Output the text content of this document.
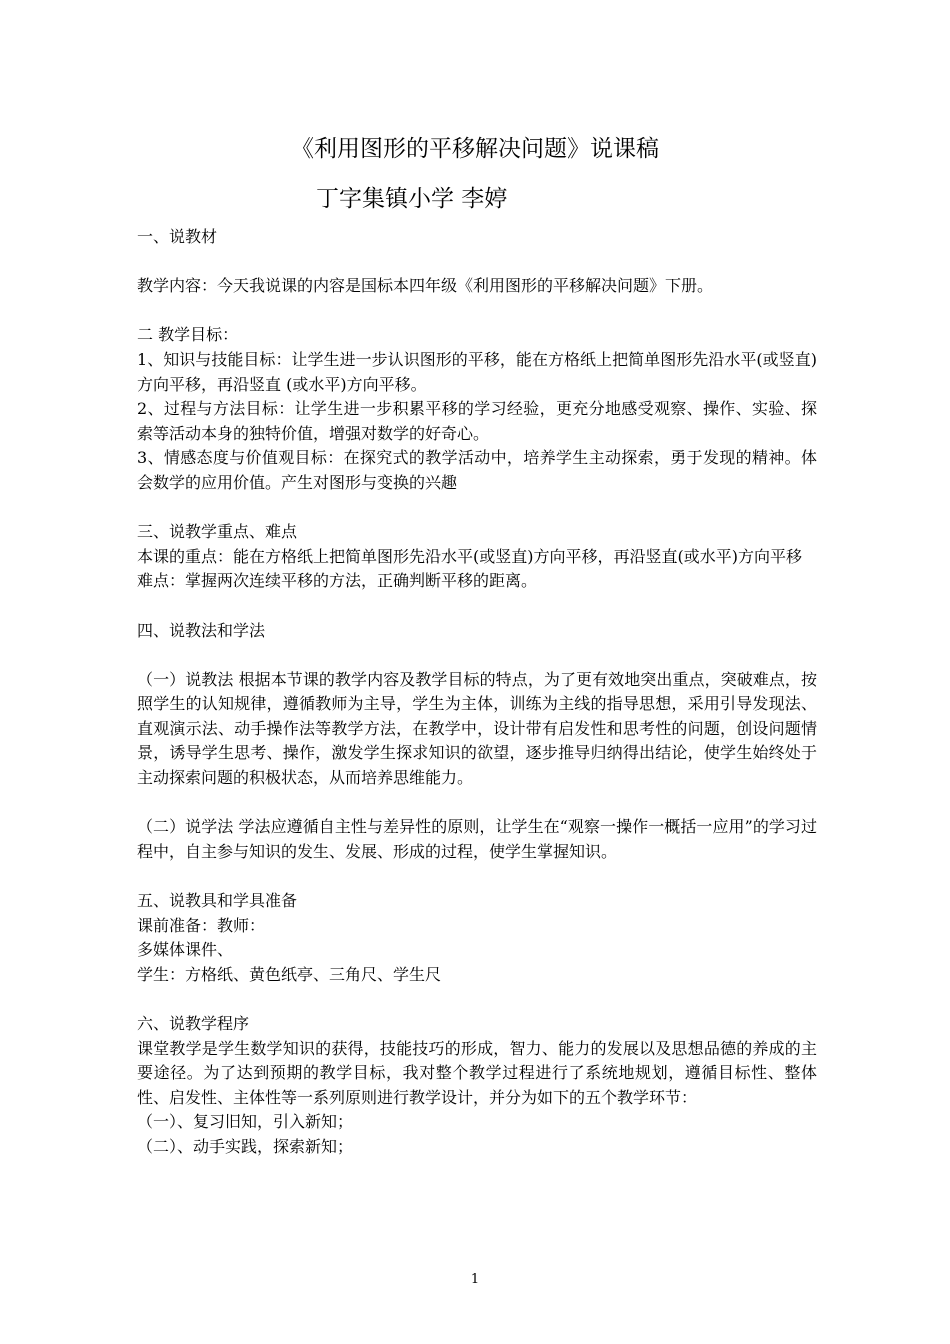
《利用图形的平移解决问题》说课稿
丁字集镇小学 李婷

一、说教材

教学内容：今天我说课的内容是国标本四年级《利用图形的平移解决问题》下册。

二 教学目标：

1、知识与技能目标：让学生进一步认识图形的平移，能在方格纸上把简单图形先沿水平(或竖直)方向平移，再沿竖直 (或水平)方向平移。

2、过程与方法目标：让学生进一步积累平移的学习经验，更充分地感受观察、操作、实验、探索等活动本身的独特价值，增强对数学的好奇心。

3、情感态度与价值观目标：在探究式的教学活动中，培养学生主动探索，勇于发现的精神。体会数学的应用价值。产生对图形与变换的兴趣

三、说教学重点、难点

本课的重点：能在方格纸上把简单图形先沿水平(或竖直)方向平移，再沿竖直(或水平)方向平移

难点：掌握两次连续平移的方法，正确判断平移的距离。

四、说教法和学法

（一）说教法 根据本节课的教学内容及教学目标的特点，为了更有效地突出重点，突破难点，按照学生的认知规律，遵循教师为主导，学生为主体，训练为主线的指导思想，采用引导发现法、直观演示法、动手操作法等教学方法，在教学中，设计带有启发性和思考性的问题，创设问题情景，诱导学生思考、操作，激发学生探求知识的欲望，逐步推导归纳得出结论，使学生始终处于主动探索问题的积极状态，从而培养思维能力。

（二）说学法 学法应遵循自主性与差异性的原则，让学生在“观察一操作一概括一应用”的学习过程中，自主参与知识的发生、发展、形成的过程，使学生掌握知识。

五、说教具和学具准备

课前准备：教师：

多媒体课件、

学生：方格纸、黄色纸亭、三角尺、学生尺

六、说教学程序

课堂教学是学生数学知识的获得，技能技巧的形成，智力、能力的发展以及思想品德的养成的主要途径。为了达到预期的教学目标，我对整个教学过程进行了系统地规划，遵循目标性、整体性、启发性、主体性等一系列原则进行教学设计，并分为如下的五个教学环节：

（一）、复习旧知，引入新知；

（二）、动手实践，探索新知；

1
